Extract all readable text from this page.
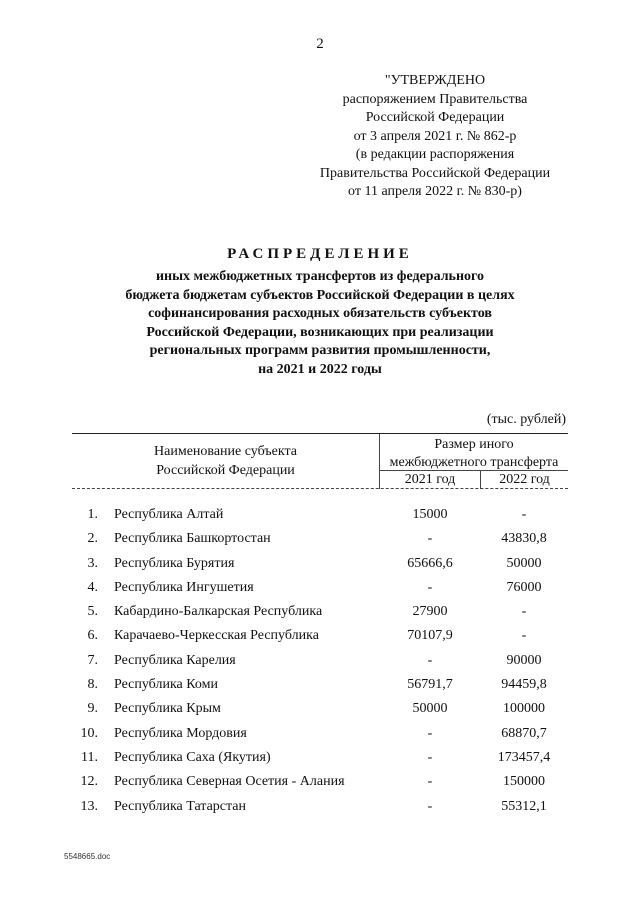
2
"УТВЕРЖДЕНО
распоряжением Правительства
Российской Федерации
от 3 апреля 2021 г. № 862-р
(в редакции распоряжения
Правительства Российской Федерации
от 11 апреля 2022 г. № 830-р)
РАСПРЕДЕЛЕНИЕ
иных межбюджетных трансфертов из федерального
бюджета бюджетам субъектов Российской Федерации в целях
софинансирования расходных обязательств субъектов
Российской Федерации, возникающих при реализации
региональных программ развития промышленности,
на 2021 и 2022 годы
(тыс. рублей)
Наименование субъекта
Российской Федерации
Размер иного
межбюджетного трансферта
2021 год	2022 год
1. Республика Алтай	15000	-
2. Республика Башкортостан	-	43830,8
3. Республика Бурятия	65666,6	50000
4. Республика Ингушетия	-	76000
5. Кабардино-Балкарская Республика	27900	-
6. Карачаево-Черкесская Республика	70107,9	-
7. Республика Карелия	-	90000
8. Республика Коми	56791,7	94459,8
9. Республика Крым	50000	100000
10. Республика Мордовия	-	68870,7
11. Республика Саха (Якутия)	-	173457,4
12. Республика Северная Осетия - Алания	-	150000
13. Республика Татарстан	-	55312,1
5548665.doc
